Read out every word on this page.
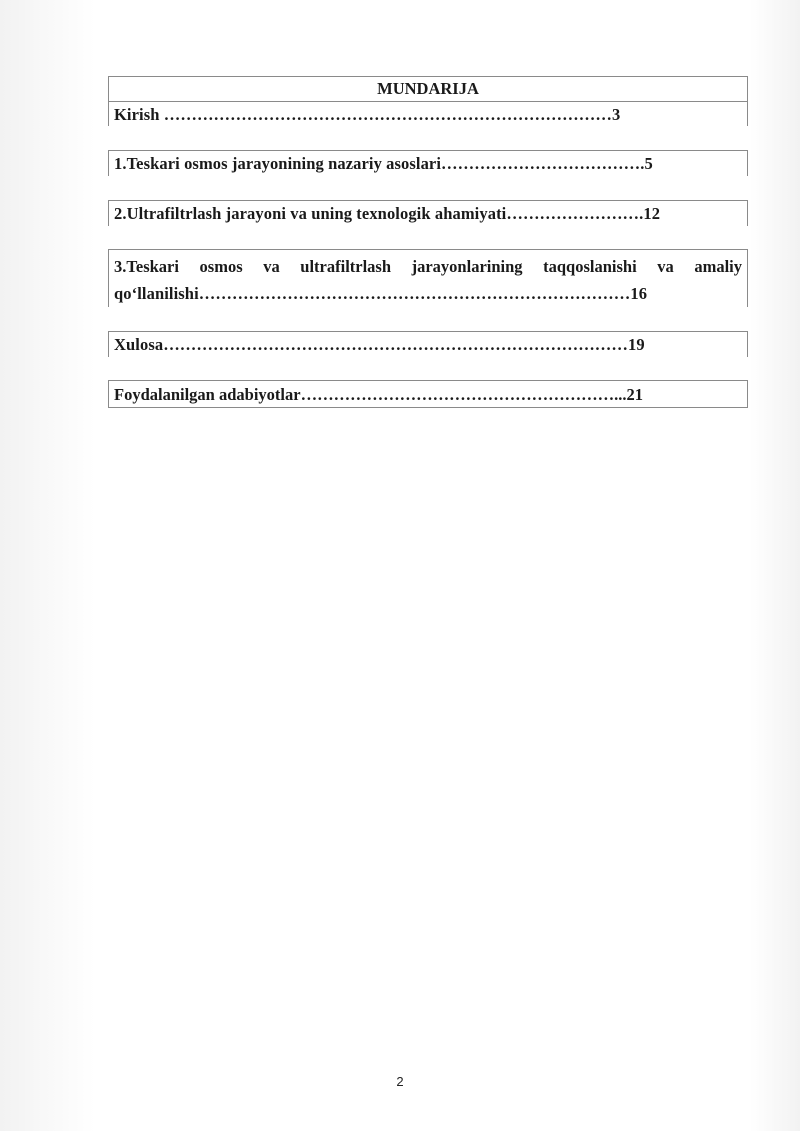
MUNDARIJA
Kirish ………………………………………………………………………3
1.Teskari osmos jarayonining nazariy asoslari……………………………….5
2.Ultrafiltrlash jarayoni va uning texnologik ahamiyati…………………….12
3.Teskari osmos va ultrafiltrlash jarayonlarining taqqoslanishi va amaliy
qo‘llanilishi……………………………………………………………………16
Xulosa…………………………………………………………………………19
Foydalanilgan adabiyotlar…………………………………………………...21
2
